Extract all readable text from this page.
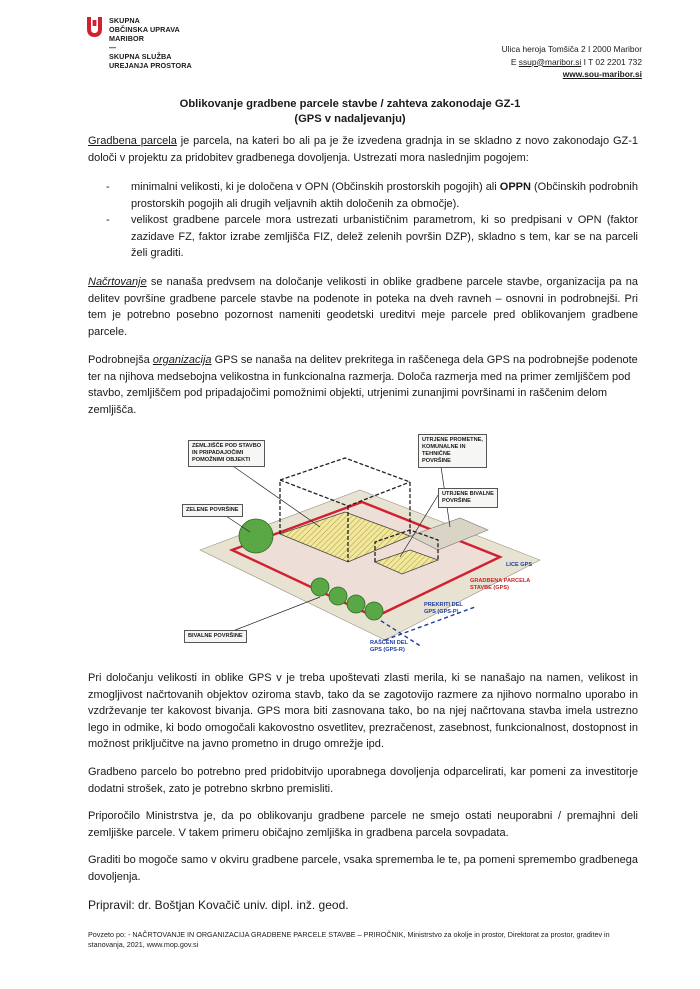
SKUPNA
OBČINSKA UPRAVA
MARIBOR
—
SKUPNA SLUŽBA
UREJANJA PROSTORA
Ulica heroja Tomšiča 2 I 2000 Maribor
E ssup@maribor.si I T 02 2201 732
www.sou-maribor.si
Oblikovanje gradbene parcele stavbe / zahteva zakonodaje GZ-1
(GPS v nadaljevanju)
Gradbena parcela je parcela, na kateri bo ali pa je že izvedena gradnja in se skladno z novo zakonodajo GZ-1 določi v projektu za pridobitev gradbenega dovoljenja. Ustrezati mora naslednjim pogojem:
- minimalni velikosti, ki je določena v OPN (Občinskih prostorskih pogojih) ali OPPN (Občinskih podrobnih prostorskih pogojih ali drugih veljavnih aktih določenih za območje).
- velikost gradbene parcele mora ustrezati urbanističnim parametrom, ki so predpisani v OPN (faktor zazidave FZ, faktor izrabe zemljišča FIZ, delež zelenih površin DZP), skladno s tem, kar se na parceli želi graditi.
Načrtovanje se nanaša predvsem na določanje velikosti in oblike gradbene parcele stavbe, organizacija pa na delitev površine gradbene parcele stavbe na podenote in poteka na dveh ravneh – osnovni in podrobnejši. Pri tem je potrebno posebno pozornost nameniti geodetski ureditvi meje parcele pred oblikovanjem gradbene parcele.
Podrobnejša organizacija GPS se nanaša na delitev prekritega in raščenega dela GPS na podrobnejše podenote ter na njihova medsebojna velikostna in funkcionalna razmerja. Določa razmerja med na primer zemljiščem pod stavbo, zemljiščem pod pripadajočimi pomožnimi objekti, utrjenimi zunanjimi površinami in raščenim delom zemljišča.
ZEMLJIŠČE POD STAVBO
IN PRIPADAJOČIMI
POMOŽNIMI OBJEKTI
UTRJENE PROMETNE,
KOMUNALNE IN
TEHNIČNE
POVRŠINE
UTRJENE BIVALNE
POVRŠINE
ZELENE POVRŠINE
LICE GPS
GRADBENA PARCELA
STAVBE (GPS)
PREKRITI DEL
GPS (GPS-P)
BIVALNE POVRŠINE
RAŠČENI DEL
GPS (GPS-R)
Pri določanju velikosti in oblike GPS v je treba upoštevati zlasti merila, ki se nanašajo na namen, velikost in zmogljivost načrtovanih objektov oziroma stavb, tako da se zagotovijo razmere za njihovo normalno uporabo in vzdrževanje ter kakovost bivanja. GPS mora biti zasnovana tako, bo na njej načrtovana stavba imela ustrezno lego in odmike, ki bodo omogočali kakovostno osvetlitev, prezračenost, zasebnost, funkcionalnost, dostopnost in možnost priključitve na javno prometno in drugo omrežje ipd.
Gradbeno parcelo bo potrebno pred pridobitvijo uporabnega dovoljenja odparcelirati, kar pomeni za investitorje dodatni strošek, zato je potrebno skrbno premisliti.
Priporočilo Ministrstva je, da po oblikovanju gradbene parcele ne smejo ostati neuporabni / premajhni deli zemljiške parcele. V takem primeru običajno zemljiška in gradbena parcela sovpadata.
Graditi bo mogoče samo v okviru gradbene parcele, vsaka sprememba le te, pa pomeni spremembo gradbenega dovoljenja.
Pripravil: dr. Boštjan Kovačič univ. dipl. inž. geod.
Povzeto po: - NAČRTOVANJE IN ORGANIZACIJA GRADBENE PARCELE STAVBE – PRIROČNIK, Ministrstvo za okolje in prostor, Direktorat za prostor, graditev in stanovanja, 2021, www.mop.gov.si
